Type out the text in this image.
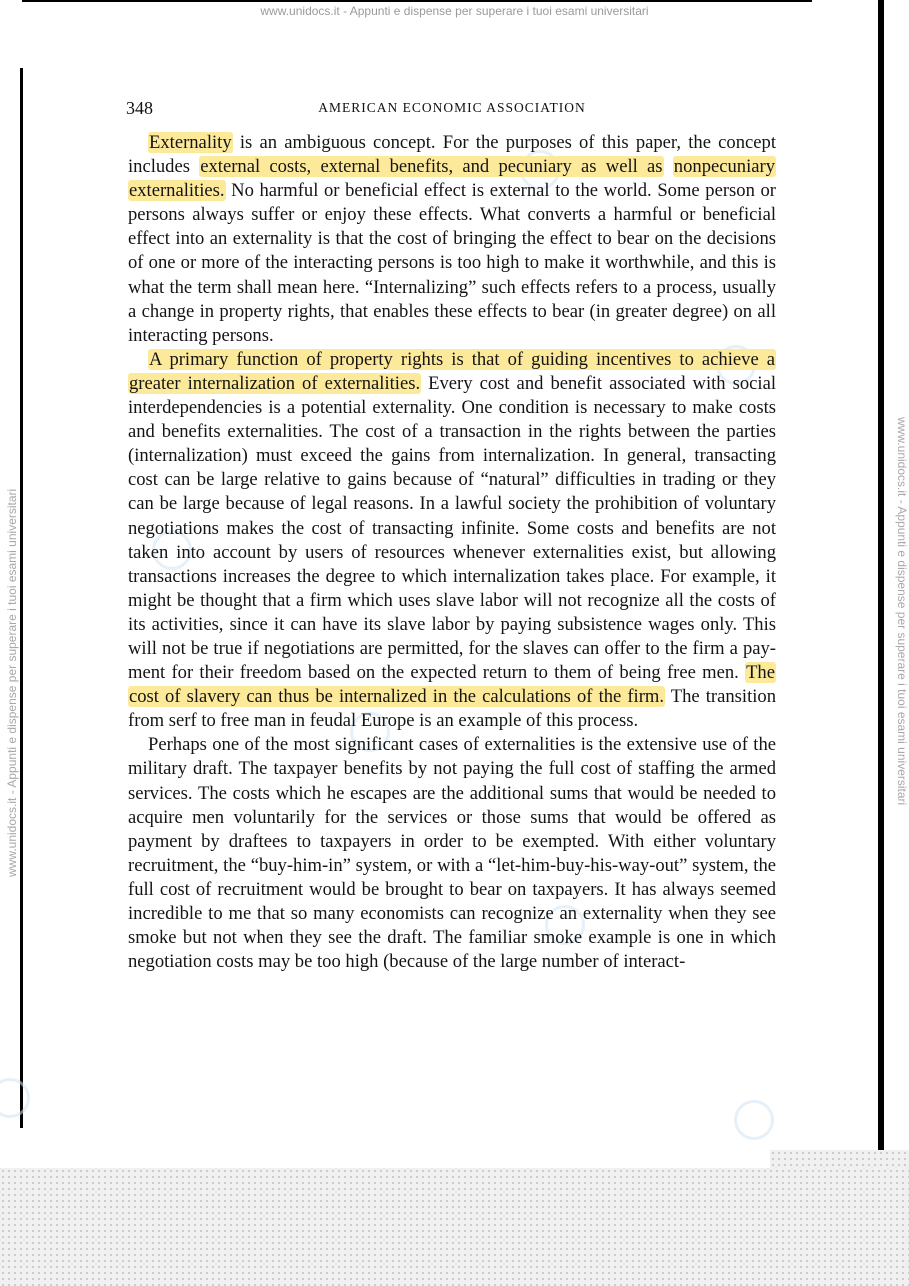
www.unidocs.it - Appunti e dispense per superare i tuoi esami universitari
www.unidocs.it - Appunti e dispense per superare i tuoi esami universitari	www.unidocs.it - Appunti e dispense per superare i tuoi esami universitari
348	AMERICAN ECONOMIC ASSOCIATION

Externality is an ambiguous concept. For the purposes of this paper, the concept includes external costs, external benefits, and pecuniary as well as nonpecuniary externalities. No harmful or beneficial effect is external to the world. Some person or persons always suffer or enjoy these effects. What converts a harmful or beneficial effect into an externality is that the cost of bringing the effect to bear on the decisions of one or more of the interacting persons is too high to make it worthwhile, and this is what the term shall mean here. “Internalizing” such effects refers to a process, usually a change in property rights, that enables these effects to bear (in greater degree) on all interacting persons.

A primary function of property rights is that of guiding incentives to achieve a greater internalization of externalities. Every cost and benefit associated with social interdependencies is a potential externality. One condition is necessary to make costs and benefits externalities. The cost of a transaction in the rights between the parties (internalization) must exceed the gains from internalization. In general, transacting cost can be large relative to gains because of “natural” difficulties in trading or they can be large because of legal reasons. In a lawful society the prohibition of voluntary negotiations makes the cost of transacting infinite. Some costs and benefits are not taken into account by users of resources whenever externalities exist, but allowing transactions increases the degree to which internalization takes place. For example, it might be thought that a firm which uses slave labor will not recognize all the costs of its activities, since it can have its slave labor by paying subsistence wages only. This will not be true if negotiations are permitted, for the slaves can offer to the firm a payment for their freedom based on the expected return to them of being free men. The cost of slavery can thus be internalized in the calculations of the firm. The transition from serf to free man in feudal Europe is an example of this process.

Perhaps one of the most significant cases of externalities is the extensive use of the military draft. The taxpayer benefits by not paying the full cost of staffing the armed services. The costs which he escapes are the additional sums that would be needed to acquire men voluntarily for the services or those sums that would be offered as payment by draftees to taxpayers in order to be exempted. With either voluntary recruitment, the “buy-him-in” system, or with a “let-him-buy-his-way-out” system, the full cost of recruitment would be brought to bear on taxpayers. It has always seemed incredible to me that so many economists can recognize an externality when they see smoke but not when they see the draft. The familiar smoke example is one in which negotiation costs may be too high (because of the large number of interact-
